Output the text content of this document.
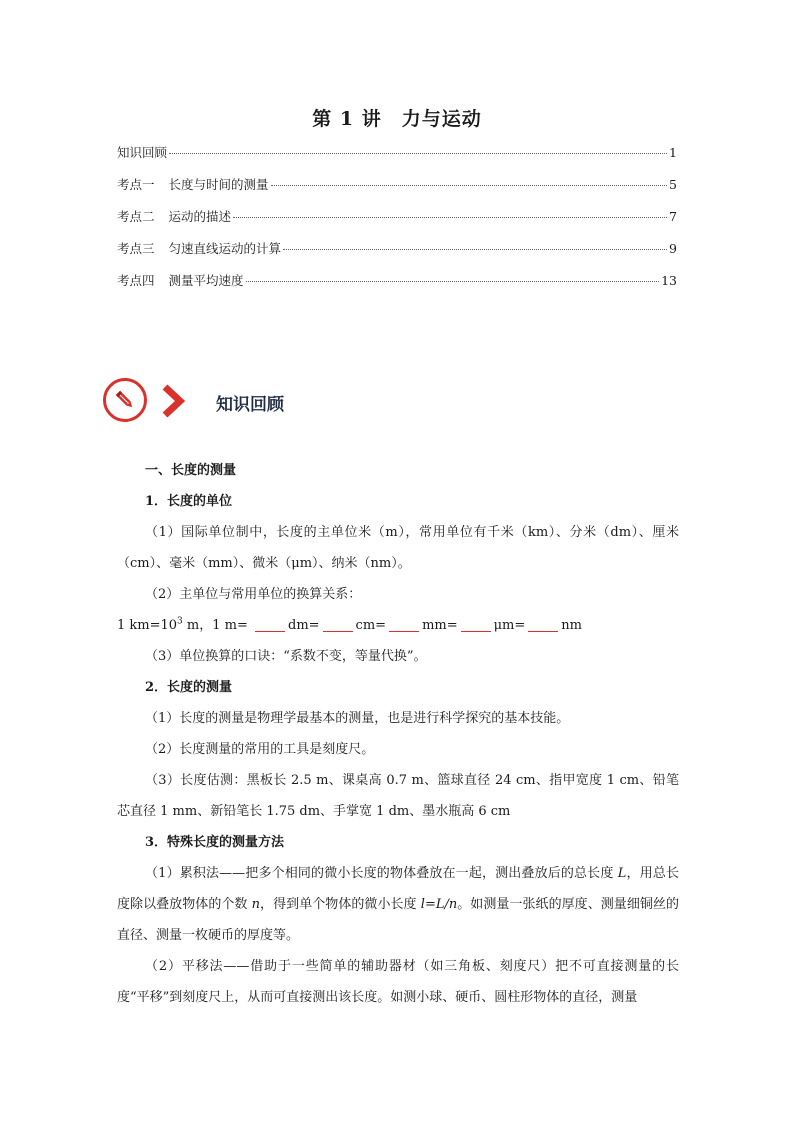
第 1 讲　力与运动
知识回顾	1
考点一 长度与时间的测量	5
考点二 运动的描述	7
考点三 匀速直线运动的计算	9
考点四 测量平均速度	13
知识回顾
一、长度的测量
1．长度的单位
（1）国际单位制中，长度的主单位米（m），常用单位有千米（km）、分米（dm）、厘米（cm）、毫米（mm）、微米（μm）、纳米（nm）。
（2）主单位与常用单位的换算关系：
1 $km=10^3$ m，1 m=	dm=	cm=	mm=	μm=	nm
（3）单位换算的口诀：“系数不变，等量代换”。
2．长度的测量
（1）长度的测量是物理学最基本的测量，也是进行科学探究的基本技能。
（2）长度测量的常用的工具是刻度尺。
（3）长度估测：黑板长 2.5 m、课桌高 0.7 m、篮球直径 24 cm、指甲宽度 1 cm、铅笔芯直径 1 mm、新铅笔长 1.75 dm、手掌宽 1 dm、墨水瓶高 6 cm
3．特殊长度的测量方法
（1）累积法——把多个相同的微小长度的物体叠放在一起，测出叠放后的总长度 L，用总长度除以叠放物体的个数 n，得到单个物体的微小长度 l=L/n。如测量一张纸的厚度、测量细铜丝的直径、测量一枚硬币的厚度等。
（2）平移法——借助于一些简单的辅助器材（如三角板、刻度尺）把不可直接测量的长度“平移”到刻度尺上，从而可直接测出该长度。如测小球、硬币、圆柱形物体的直径，测量
